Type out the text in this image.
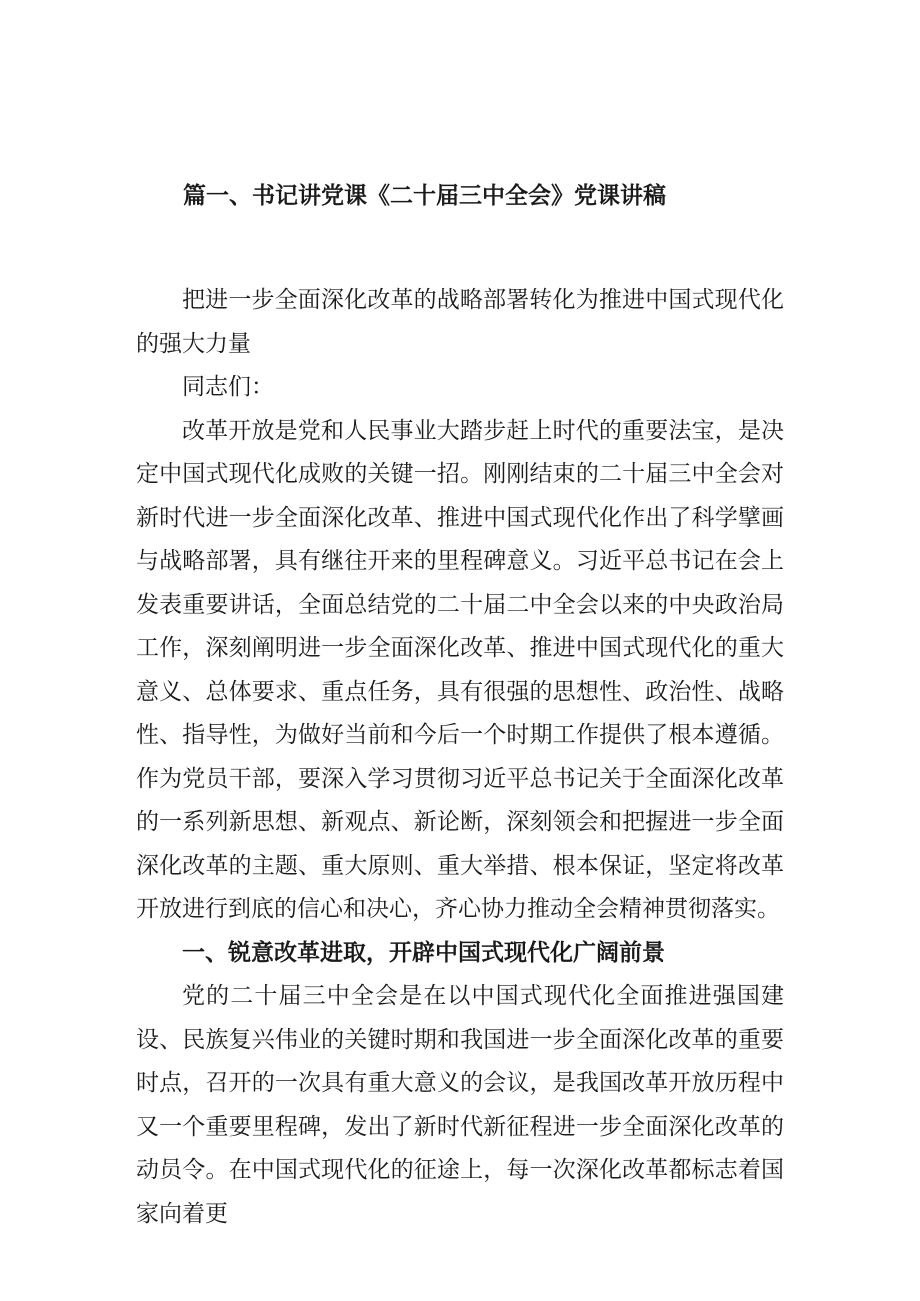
篇一、书记讲党课《二十届三中全会》党课讲稿

把进一步全面深化改革的战略部署转化为推进中国式现代化的强大力量

同志们：

改革开放是党和人民事业大踏步赶上时代的重要法宝，是决定中国式现代化成败的关键一招。刚刚结束的二十届三中全会对新时代进一步全面深化改革、推进中国式现代化作出了科学擘画与战略部署，具有继往开来的里程碑意义。习近平总书记在会上发表重要讲话，全面总结党的二十届二中全会以来的中央政治局工作，深刻阐明进一步全面深化改革、推进中国式现代化的重大意义、总体要求、重点任务，具有很强的思想性、政治性、战略性、指导性，为做好当前和今后一个时期工作提供了根本遵循。作为党员干部，要深入学习贯彻习近平总书记关于全面深化改革的一系列新思想、新观点、新论断，深刻领会和把握进一步全面深化改革的主题、重大原则、重大举措、根本保证，坚定将改革开放进行到底的信心和决心，齐心协力推动全会精神贯彻落实。

一、锐意改革进取，开辟中国式现代化广阔前景

党的二十届三中全会是在以中国式现代化全面推进强国建设、民族复兴伟业的关键时期和我国进一步全面深化改革的重要时点，召开的一次具有重大意义的会议，是我国改革开放历程中又一个重要里程碑，发出了新时代新征程进一步全面深化改革的动员令。在中国式现代化的征途上，每一次深化改革都标志着国家向着更
